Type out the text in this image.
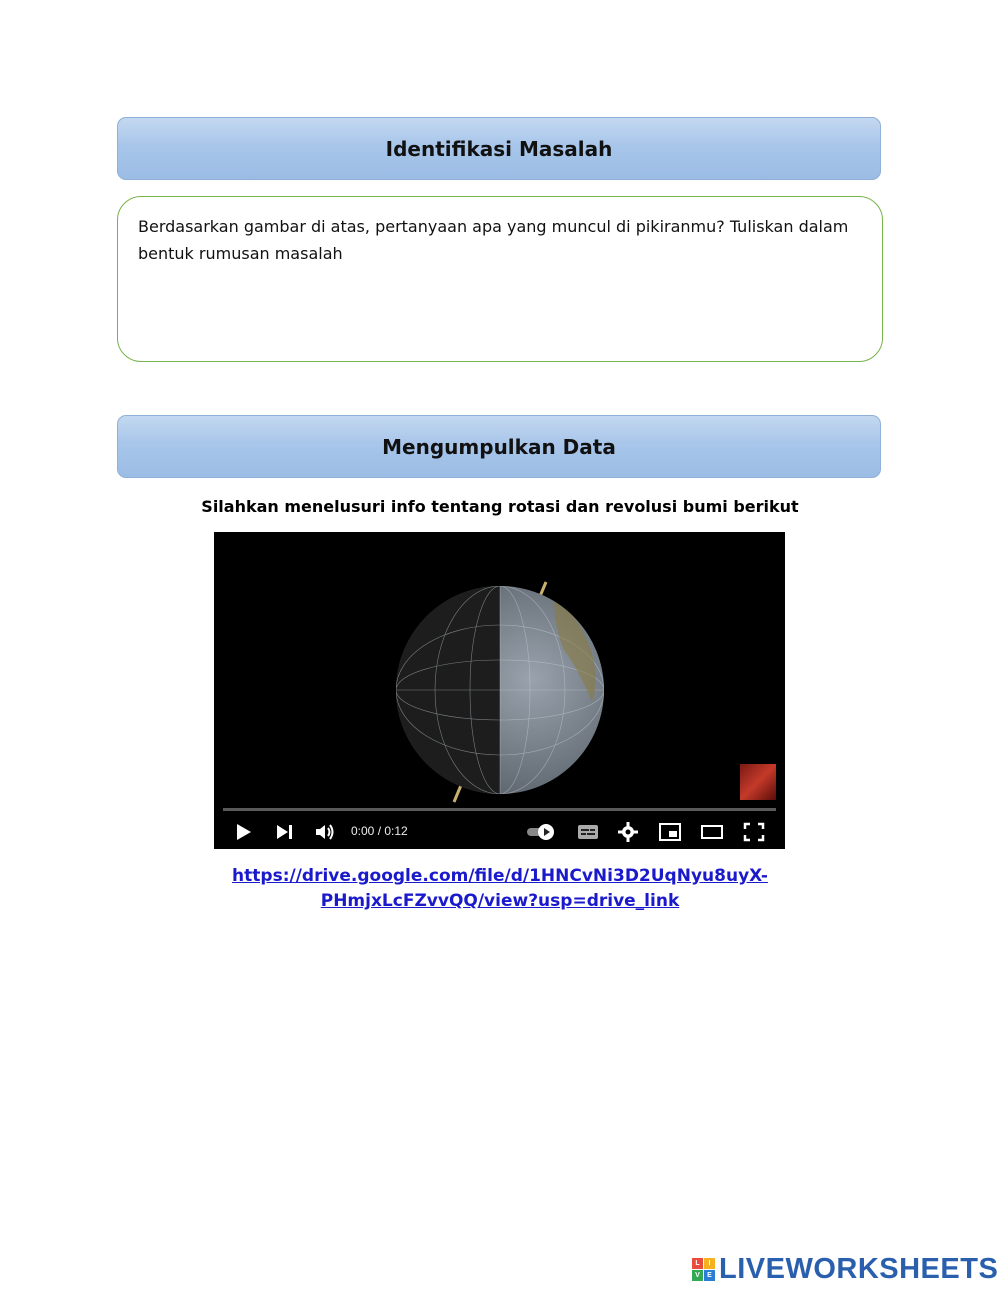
Identifikasi Masalah
Berdasarkan gambar di atas, pertanyaan apa yang muncul di pikiranmu? Tuliskan dalam bentuk rumusan masalah
Mengumpulkan Data
Silahkan menelusuri info tentang rotasi dan revolusi bumi berikut
0:00 / 0:12
https://drive.google.com/file/d/1HNCvNi3D2UqNyu8uyX-
PHmjxLcFZvvQQ/view?usp=drive_link
L	I
V	E LIVEWORKSHEETS
